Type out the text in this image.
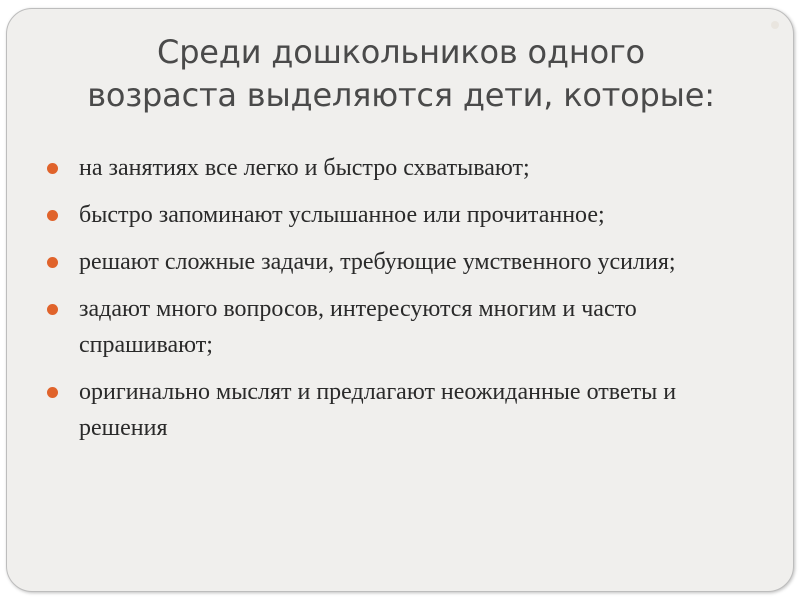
Среди дошкольников одного
возраста выделяются дети, которые:
на занятиях все легко и быстро схватывают;
быстро запоминают услышанное или прочитанное;
решают сложные задачи, требующие умственного усилия;
задают много вопросов, интересуются многим и часто спрашивают;
оригинально мыслят и предлагают неожиданные ответы и решения
